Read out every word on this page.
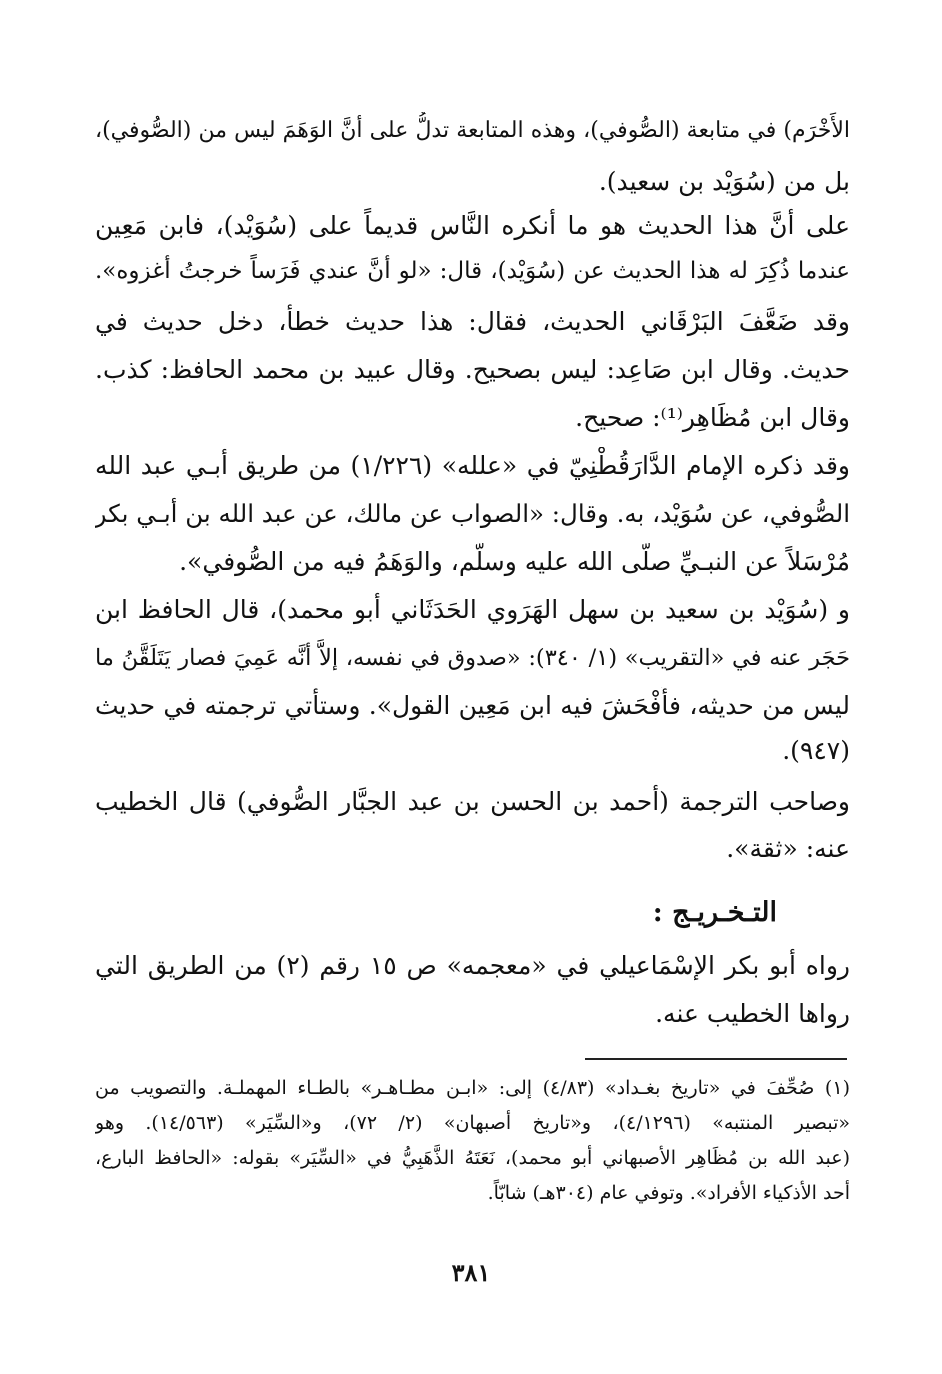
الأَخْرَم) في متابعة (الصُّوفي)، وهذه المتابعة تدلُّ على أنَّ الوَهَمَ ليس من (الصُّوفي)،
بل من (سُوَيْد بن سعيد).
على أنَّ هذا الحديث هو ما أنكره النَّاس قديماً على (سُوَيْد)، فابن مَعِين
عندما ذُكِرَ له هذا الحديث عن (سُوَيْد)، قال: «لو أنَّ عندي فَرَساً خرجتُ أغزوه».
وقد ضَعَّفَ البَرْقَاني الحديث، فقال: هذا حديث خطأ، دخل حديث في
حديث. وقال ابن صَاعِد: ليس بصحيح. وقال عبيد بن محمد الحافظ: كذب.
وقال ابن مُظَاهِر⁽¹⁾: صحيح.
وقد ذكره الإمام الدَّارَقُطْنِيّ في «علله» (١/٢٢٦) من طريق أبـي عبد الله
الصُّوفي، عن سُوَيْد، به. وقال: «الصواب عن مالك، عن عبد الله بن أبـي بكر
مُرْسَلاً عن النبـيِّ صلَّى الله عليه وسلَّم، والوَهَمُ فيه من الصُّوفي».
و (سُوَيْد بن سعيد بن سهل الهَرَوي الحَدَثَاني أبو محمد)، قال الحافظ ابن
حَجَر عنه في «التقريب» (١/ ٣٤٠): «صدوق في نفسه، إلاَّ أنَّه عَمِيَ فصار يَتَلَقَّنُ ما
ليس من حديثه، فأَفْحَشَ فيه ابن مَعِين القول». وستأتي ترجمته في حديث
(٩٤٧).
وصاحب الترجمة (أحمد بن الحسن بن عبد الجبَّار الصُّوفي) قال الخطيب
عنه: «ثقة».
التـخـريـج :
رواه أبو بكر الإسْمَاعيلي في «معجمه» ص ١٥ رقم (٢) من الطريق التي
رواها الخطيب عنه.
(١) صُحِّفَ في «تاريخ بغـداد» (٤/٨٣) إلى: «ابـن مطـاهـر» بالطـاء المهملـة. والتصويب من
«تبصير المنتبه» (٤/١٢٩٦)، و«تاريخ أصبهان» (٢/ ٧٢)، و«السِّيَر» (١٤/٥٦٣). وهو
(عبد الله بن مُظَاهِر الأصبهاني أبو محمد)، نَعَتَهُ الذَّهَبِيُّ في «السِّيَر» بقوله: «الحافظ البارع،
أحد الأذكياء الأفراد». وتوفي عام (٣٠٤هـ) شابّاً.
٣٨١
